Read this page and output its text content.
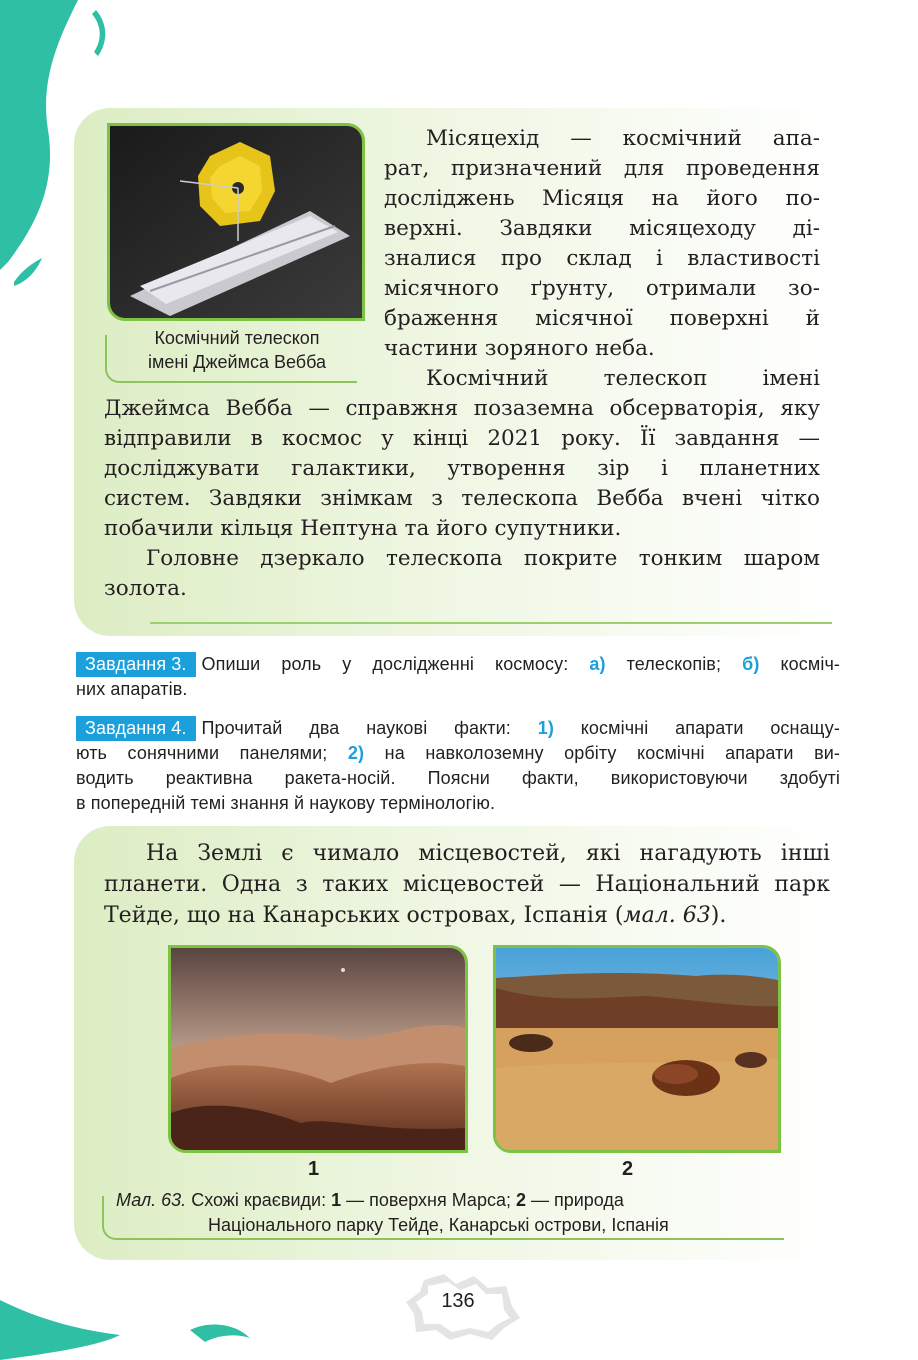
Космічний телескоп
імені Джеймса Вебба
Місяцехід — космічний апа-
рат, призначений для проведення
досліджень Місяця на його по-
верхні. Завдяки місяцеходу ді-
зналися про склад і властивості
місячного ґрунту, отримали зо-
браження місячної поверхні й
частини зоряного неба.
Космічний телескоп імені
Джеймса Вебба — справжня позаземна обсерваторія, яку
відправили в космос у кінці 2021 року. Її завдання —
досліджувати галактики, утворення зір і планетних
систем. Завдяки знімкам з телескопа Вебба вчені чітко
побачили кільця Нептуна та його супутники.
Головне дзеркало телескопа покрите тонким шаром
золота.
Завдання 3. Опиши роль у дослідженні космосу: а) телескопів; б) косміч-
них апаратів.
Завдання 4. Прочитай два наукові факти: 1) космічні апарати оснащу-
ють сонячними панелями; 2) на навколоземну орбіту космічні апарати ви-
водить реактивна ракета-носій. Поясни факти, використовуючи здобуті
в попередній темі знання й наукову термінологію.
На Землі є чимало місцевостей, які нагадують інші
планети. Одна з таких місцевостей — Національний парк
Тейде, що на Канарських островах, Іспанія (мал. 63).
1	2
Мал. 63. Схожі краєвиди: 1 — поверхня Марса; 2 — природа
Національного парку Тейде, Канарські острови, Іспанія
136
